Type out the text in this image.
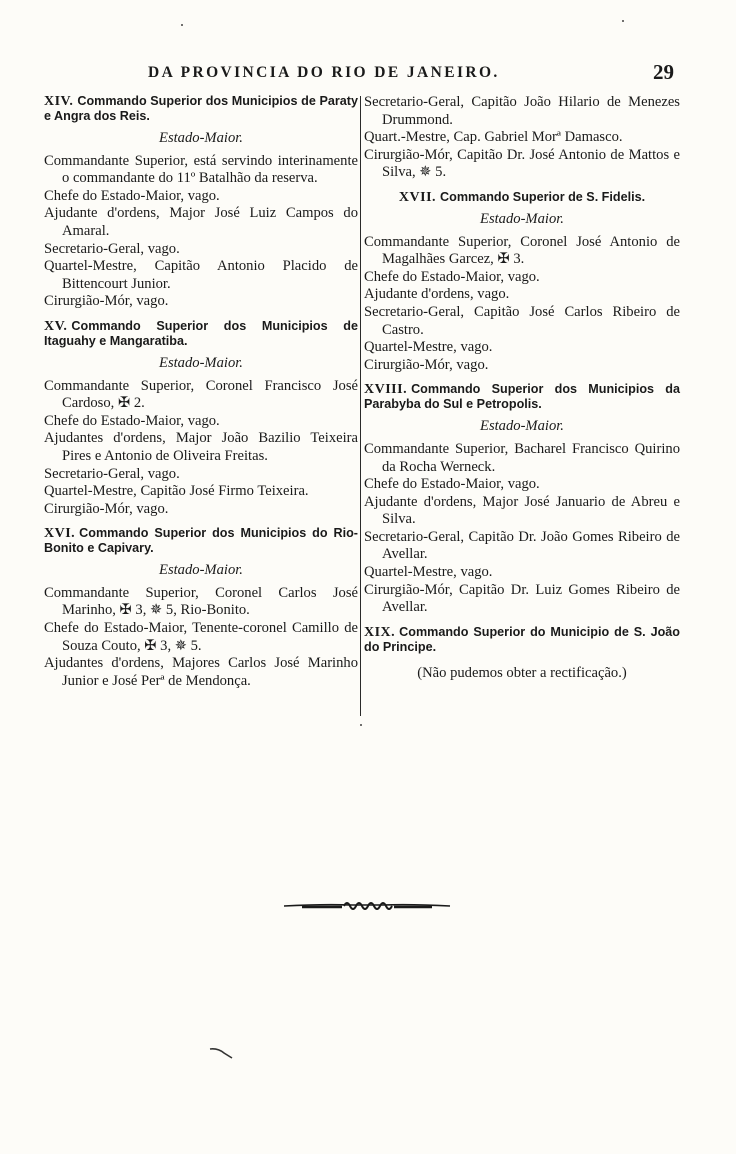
DA PROVINCIA DO RIO DE JANEIRO.	29
XIV. Commando Superior dos Municipios de Paraty e Angra dos Reis.
Estado-Maior.
Commandante Superior, está servindo interinamente o commandante do 11º Batalhão da reserva.
Chefe do Estado-Maior, vago.
Ajudante d'ordens, Major José Luiz Campos do Amaral.
Secretario-Geral, vago.
Quartel-Mestre, Capitão Antonio Placido de Bittencourt Junior.
Cirurgião-Mór, vago.
XV. Commando Superior dos Municipios de Itaguahy e Mangaratiba.
Estado-Maior.
Commandante Superior, Coronel Francisco José Cardoso, ✠ 2.
Chefe do Estado-Maior, vago.
Ajudantes d'ordens, Major João Bazilio Teixeira Pires e Antonio de Oliveira Freitas.
Secretario-Geral, vago.
Quartel-Mestre, Capitão José Firmo Teixeira.
Cirurgião-Mór, vago.
XVI. Commando Superior dos Municipios do Rio-Bonito e Capivary.
Estado-Maior.
Commandante Superior, Coronel Carlos José Marinho, ✠ 3, ✵ 5, Rio-Bonito.
Chefe do Estado-Maior, Tenente-coronel Camillo de Souza Couto, ✠ 3, ✵ 5.
Ajudantes d'ordens, Majores Carlos José Marinho Junior e José Perª de Mendonça.
Secretario-Geral, Capitão João Hilario de Menezes Drummond.
Quart.-Mestre, Cap. Gabriel Morª Damasco.
Cirurgião-Mór, Capitão Dr. José Antonio de Mattos e Silva, ✵ 5.
XVII. Commando Superior de S. Fidelis.
Estado-Maior.
Commandante Superior, Coronel José Antonio de Magalhães Garcez, ✠ 3.
Chefe do Estado-Maior, vago.
Ajudante d'ordens, vago.
Secretario-Geral, Capitão José Carlos Ribeiro de Castro.
Quartel-Mestre, vago.
Cirurgião-Mór, vago.
XVIII. Commando Superior dos Municipios da Parabyba do Sul e Petropolis.
Estado-Maior.
Commandante Superior, Bacharel Francisco Quirino da Rocha Werneck.
Chefe do Estado-Maior, vago.
Ajudante d'ordens, Major José Januario de Abreu e Silva.
Secretario-Geral, Capitão Dr. João Gomes Ribeiro de Avellar.
Quartel-Mestre, vago.
Cirurgião-Mór, Capitão Dr. Luiz Gomes Ribeiro de Avellar.
XIX. Commando Superior do Municipio de S. João do Principe.
(Não pudemos obter a rectificação.)
